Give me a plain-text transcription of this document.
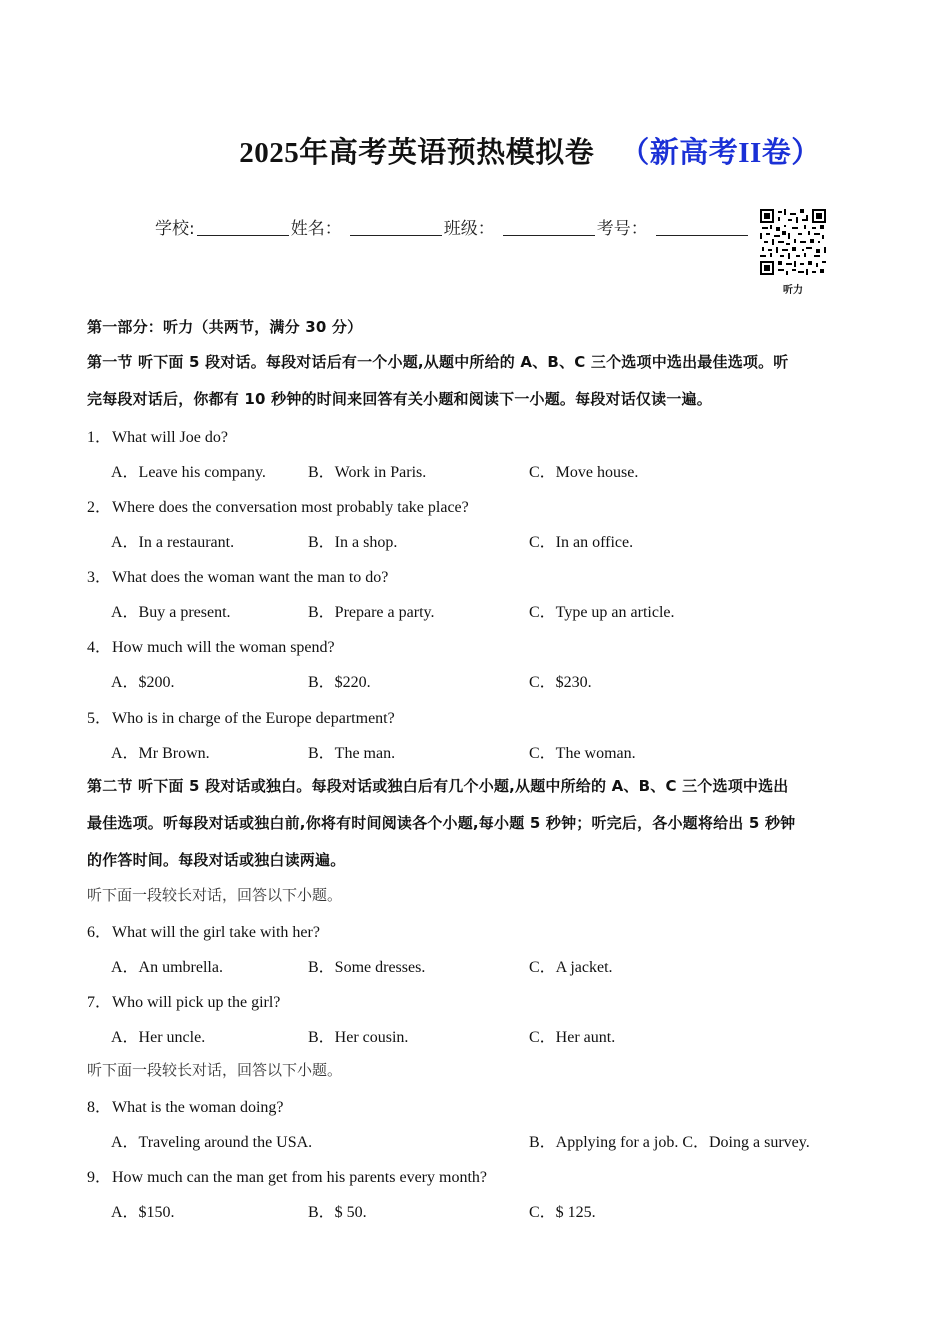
2025年高考英语预热模拟卷 （新高考II卷）
学校:	姓名：	班级：	考号：
听力
第一部分：听力（共两节，满分 30 分）
第一节 听下面 5 段对话。每段对话后有一个小题,从题中所给的 A、B、C 三个选项中选出最佳选项。听
完每段对话后，你都有 10 秒钟的时间来回答有关小题和阅读下一小题。每段对话仅读一遍。
1．What will Joe do?
A．Leave his company.	B．Work in Paris.	C．Move house.
2．Where does the conversation most probably take place?
A．In a restaurant.	B．In a shop.	C．In an office.
3．What does the woman want the man to do?
A．Buy a present.	B．Prepare a party.	C．Type up an article.
4．How much will the woman spend?
A．$200.	B．$220.	C．$230.
5．Who is in charge of the Europe department?
A．Mr Brown.	B．The man.	C．The woman.
第二节 听下面 5 段对话或独白。每段对话或独白后有几个小题,从题中所给的 A、B、C 三个选项中选出
最佳选项。听每段对话或独白前,你将有时间阅读各个小题,每小题 5 秒钟；听完后，各小题将给出 5 秒钟
的作答时间。每段对话或独白读两遍。
听下面一段较长对话，回答以下小题。
6．What will the girl take with her?
A．An umbrella.	B．Some dresses.	C．A jacket.
7．Who will pick up the girl?
A．Her uncle.	B．Her cousin.	C．Her aunt.
听下面一段较长对话，回答以下小题。
8．What is the woman doing?
A．Traveling around the USA.	B．Applying for a job. C．Doing a survey.
9．How much can the man get from his parents every month?
A．$150.	B．$ 50.	C．$ 125.
